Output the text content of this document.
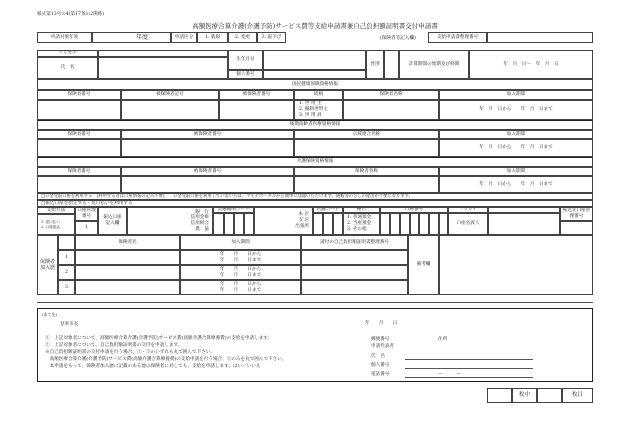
様式第13号の4(第17条の2関係)
高額医療合算介護(介護予防)サービス費等支給申請書兼自己負担額証明書交付申請書
申請対象年度	年度	申請区分	1. 新規	2. 変更	3. 取下げ	(保険者等記入欄)	支給申請書整理番号
フリガナ
氏　名
生年月日
個人番号
性別	計算期間の始期及び終期	年　月　日～　年　月　日
国民健康保険資格情報
保険者番号	被保険者記号	被保険者番号	続柄	保険者名称	加入期間
1. 世 帯 主
2. 擬制世帯主
3. 世 帯 員
年　月　日から　　年　月　日まで
後期高齢者医療資格情報
保険者番号	被保険者番号	広域連合名称	加入期間
年　月　日から　　年　月　日まで
介護保険資格情報
保険者番号	被保険者番号	保険者名称	加入期間
年　月　日から　　年　月　日まで
□公金受取口座を利用する　(利用する者は口座情報の記入不要)　　公金受取口座を利用していない方は、マイナポータルから簡単に登録いただけます。通帳等の写しの提出が不要になります。
□振込口座を指定する・窓口払いを利用する
支給方法
1. 窓口払い
2. 口座振込
口座管理番号
1
振込口座記入欄
銀　行
信用金庫
信用組合
農　協
金融機関コード
本 店
支 店
出張所
店舗コード	種目
1. 普通預金
2. 当座預金
3. その他
口座番号	フリガナ
口座名義人
振込先口座管理番号
保険者加入歴
保険者名	加入期間	請付の自己負担額証明書整理番号
備考欄
1
年　　月　　日から
年　　月　　日まで
2
年　　月　　日から
年　　月　　日まで
3
年　　月　　日から
年　　月　　日まで
(あて先)
登米市長	年　　月　　日
①　上記対象者について、高額医療合算介護(介護予防)サービス費(高額介護合算療養費)の支給を申請します。
②　上記対象者について、自己負担額証明書の交付を申請します。
※自己負担額証明書の交付申請を行う場合、①・②のいずれも丸で囲んで下さい。
　高額医療合算介護(介護予防)サービス費(高額介護合算療養費)の支給申請を行う場合、①のみを丸で囲んで下さい。
　本申請をもって、保険者加入歴に記載のある他の保険者に対しても、支給を申請します。はい／いいえ
郵便番号	住所
申請代表者
氏　名
個人番号
電話番号	—　　　—
枚中	枚目
